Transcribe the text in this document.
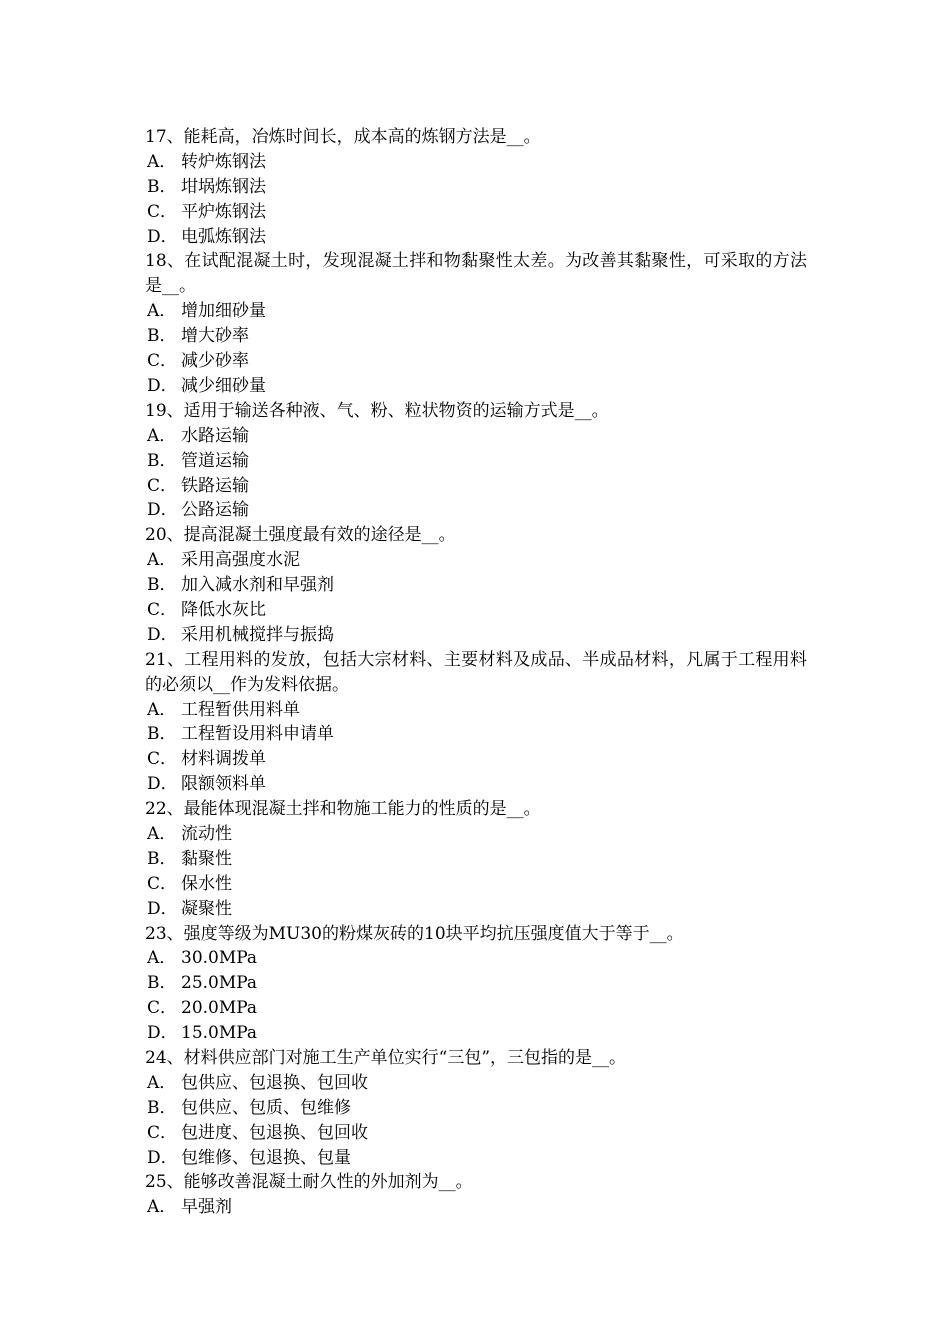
17、能耗高，冶炼时间长，成本高的炼钢方法是__。
A． 转炉炼钢法
B． 坩埚炼钢法
C． 平炉炼钢法
D． 电弧炼钢法
18、在试配混凝土时，发现混凝土拌和物黏聚性太差。为改善其黏聚性，可采取的方法是__。
A． 增加细砂量
B． 增大砂率
C． 减少砂率
D． 减少细砂量
19、适用于输送各种液、气、粉、粒状物资的运输方式是__。
A． 水路运输
B． 管道运输
C． 铁路运输
D． 公路运输
20、提高混凝土强度最有效的途径是__。
A． 采用高强度水泥
B． 加入减水剂和早强剂
C． 降低水灰比
D． 采用机械搅拌与振捣
21、工程用料的发放，包括大宗材料、主要材料及成品、半成品材料，凡属于工程用料的必须以__作为发料依据。
A． 工程暂供用料单
B． 工程暂设用料申请单
C． 材料调拨单
D． 限额领料单
22、最能体现混凝土拌和物施工能力的性质的是__。
A． 流动性
B． 黏聚性
C． 保水性
D． 凝聚性
23、强度等级为MU30的粉煤灰砖的10块平均抗压强度值大于等于__。
A． 30.0MPa
B． 25.0MPa
C． 20.0MPa
D． 15.0MPa
24、材料供应部门对施工生产单位实行“三包”，三包指的是__。
A． 包供应、包退换、包回收
B． 包供应、包质、包维修
C． 包进度、包退换、包回收
D． 包维修、包退换、包量
25、能够改善混凝土耐久性的外加剂为__。
A． 早强剂
